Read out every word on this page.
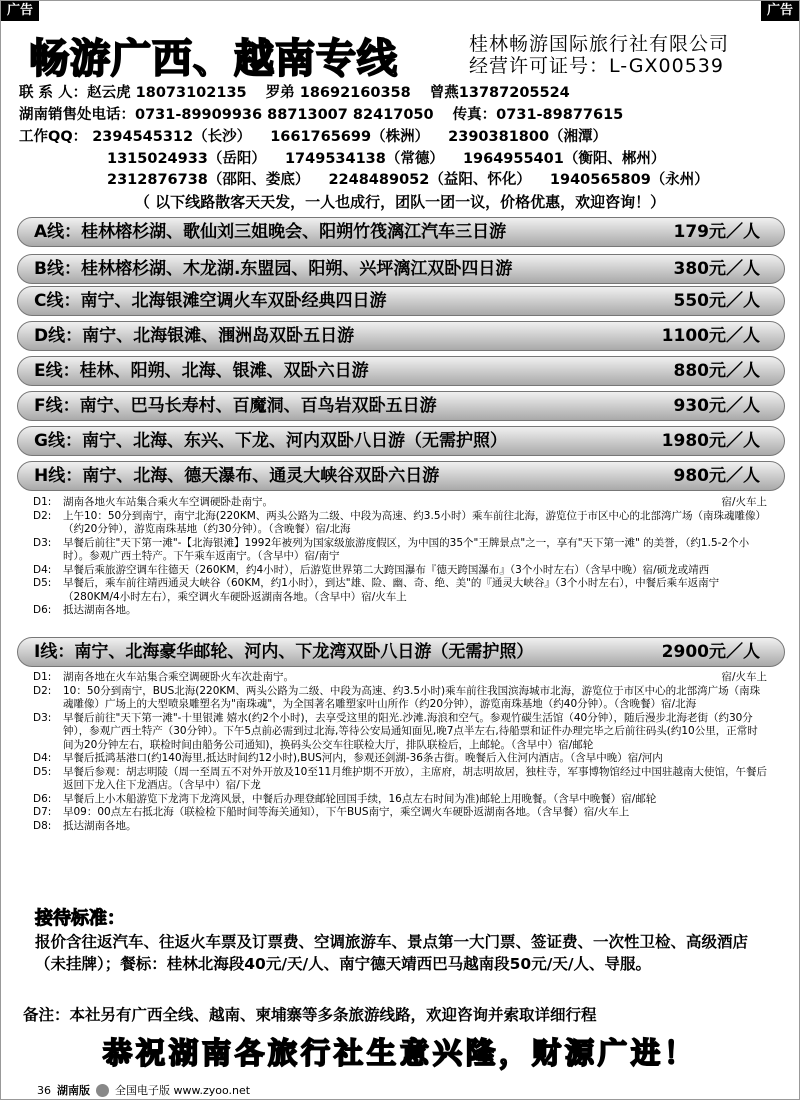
广告	广告
畅游广西、越南专线	桂林畅游国际旅行社有限公司
经营许可证号：L-GX00539
联 系 人：赵云虎 18073102135 罗弟 18692160358 曾燕13787205524
湖南销售处电话：0731-89909936 88713007 82417050 传真：0731-89877615
工作QQ： 2394545312（长沙） 1661765699（株洲） 2390381800（湘潭）
1315024933（岳阳） 1749534138（常德） 1964955401（衡阳、郴州）
2312876738（邵阳、娄底） 2248489052（益阳、怀化） 1940565809（永州）
（ 以下线路散客天天发，一人也成行，团队一团一议，价格优惠，欢迎咨询！）
A线：桂林榕杉湖、歌仙刘三姐晚会、阳朔竹筏漓江汽车三日游	179元／人
B线：桂林榕杉湖、木龙湖.东盟园、阳朔、兴坪漓江双卧四日游	380元／人
C线：南宁、北海银滩空调火车双卧经典四日游	550元／人
D线：南宁、北海银滩、涠洲岛双卧五日游	1100元／人
E线：桂林、阳朔、北海、银滩、双卧六日游	880元／人
F线：南宁、巴马长寿村、百魔洞、百鸟岩双卧五日游	930元／人
G线：南宁、北海、东兴、下龙、河内双卧八日游（无需护照）	1980元／人
H线：南宁、北海、德天瀑布、通灵大峡谷双卧六日游	980元／人
D1: 湖南各地火车站集合乘火车空调硬卧赴南宁。	宿/火车上
D2: 上午10：50分到南宁，南宁北海(220KM、两头公路为二级、中段为高速、约3.5小时）乘车前往北海，游览位于市区中心的北部湾广场（南珠魂雕像）（约20分钟），游览南珠基地（约30分钟）。（含晚餐）宿/北海
D3: 早餐后前往"天下第一滩"-【北海银滩】1992年被列为国家级旅游度假区，为中国的35个"王牌景点"之一，享有"天下第一滩" 的美誉，（约1.5-2个小时）。参观广西土特产。下午乘车返南宁。（含早中）宿/南宁
D4: 早餐后乘旅游空调车往德天（260KM，约4小时），后游览世界第二大跨国瀑布『德天跨国瀑布』（3个小时左右）（含早中晚）宿/硕龙或靖西
D5: 早餐后，乘车前往靖西通灵大峡谷（60KM，约1小时），到达"雄、险、幽、奇、绝、美"的『通灵大峡谷』（3个小时左右），中餐后乘车返南宁（280KM/4小时左右），乘空调火车硬卧返湖南各地。（含早中）宿/火车上
D6: 抵达湖南各地。
I线：南宁、北海豪华邮轮、河内、下龙湾双卧八日游（无需护照）	2900元／人
D1: 湖南各地在火车站集合乘空调硬卧火车次赴南宁。	宿/火车上
D2: 10：50分到南宁，BUS北海(220KM、两头公路为二级、中段为高速、约3.5小时)乘车前往我国滨海城市北海，游览位于市区中心的北部湾广场（南珠魂雕像）广场上的大型喷泉雕塑名为"南珠魂"，为全国著名雕塑家叶山所作（约20分钟），游览南珠基地（约40分钟）。（含晚餐）宿/北海
D3: 早餐后前往"天下第一滩"-十里银滩 嬉水(约2个小时)，去享受这里的阳光.沙滩.海浪和空气。参观竹碳生活馆（40分钟），随后漫步北海老街（约30分钟），参观广西土特产（30分钟）。下午5点前必需到过北海,等待公安局通知面见,晚7点半左右,待船票和证件办理完毕之后前往码头(约10公里，正常时间为20分钟左右，联检时间由船务公司通知)，换码头公交车往联检大厅，排队联检后，上邮轮。（含早中）宿/邮轮
D4: 早餐后抵鸿基港口(约140海里,抵达时间约12小时),BUS河内，参观还剑湖-36条古街。晚餐后入住河内酒店。（含早中晚）宿/河内
D5: 早餐后参观：胡志明陵（周一至周五不对外开放及10至11月维护期不开放），主席府，胡志明故居，独柱寺，军事博物馆经过中国驻越南大使馆，午餐后返回下龙入住下龙酒店。（含早中）宿/下龙
D6: 早餐后上小木船游览下龙湾下龙湾风景，中餐后办理登邮轮回国手续，16点左右时间为准)邮轮上用晚餐。（含早中晚餐）宿/邮轮
D7: 早09：00点左右抵北海（联检检下船时间等海关通知），下午BUS南宁，乘空调火车硬卧返湖南各地。（含早餐）宿/火车上
D8: 抵达湖南各地。
接待标准：
报价含往返汽车、往返火车票及订票费、空调旅游车、景点第一大门票、签证费、一次性卫检、高级酒店（未挂牌）；餐标：桂林北海段40元/天/人、南宁德天靖西巴马越南段50元/天/人、导服。
备注：本社另有广西全线、越南、柬埔寨等多条旅游线路，欢迎咨询并索取详细行程
恭祝湖南各旅行社生意兴隆，财源广进！
36 湖南版 全国电子版 www.zyoo.net
